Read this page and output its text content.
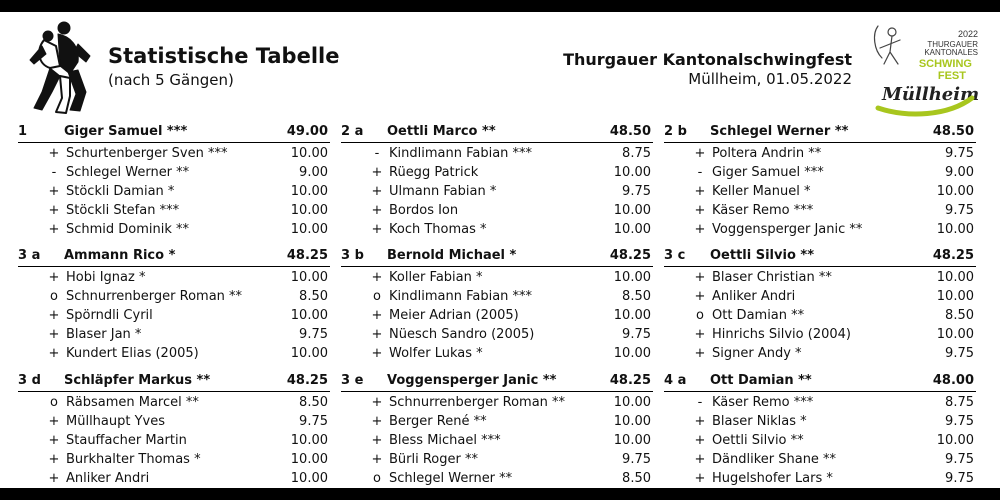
Statistische Tabelle
(nach 5 Gängen)
Thurgauer Kantonalschwingfest
Müllheim, 01.05.2022
2022
THURGAUER
KANTONALES
SCHWING
FEST
Müllheim
1	Giger Samuel ***	49.00
+ Schurtenberger Sven ***	10.00
- Schlegel Werner **	9.00
+ Stöckli Damian *	10.00
+ Stöckli Stefan ***	10.00
+ Schmid Dominik **	10.00
2 a Oettli Marco **	48.50
- Kindlimann Fabian ***	8.75
+ Rüegg Patrick	10.00
+ Ulmann Fabian *	9.75
+ Bordos Ion	10.00
+ Koch Thomas *	10.00
2 b Schlegel Werner **	48.50
+ Poltera Andrin **	9.75
- Giger Samuel ***	9.00
+ Keller Manuel *	10.00
+ Käser Remo ***	9.75
+ Voggensperger Janic **	10.00
3 a Ammann Rico *	48.25
+ Hobi Ignaz *	10.00
o Schnurrenberger Roman **	8.50
+ Spörndli Cyril	10.00
+ Blaser Jan *	9.75
+ Kundert Elias (2005)	10.00
3 b Bernold Michael *	48.25
+ Koller Fabian *	10.00
o Kindlimann Fabian ***	8.50
+ Meier Adrian (2005)	10.00
+ Nüesch Sandro (2005)	9.75
+ Wolfer Lukas *	10.00
3 c Oettli Silvio **	48.25
+ Blaser Christian **	10.00
+ Anliker Andri	10.00
o Ott Damian **	8.50
+ Hinrichs Silvio (2004)	10.00
+ Signer Andy *	9.75
3 d Schläpfer Markus **	48.25
o Räbsamen Marcel **	8.50
+ Müllhaupt Yves	9.75
+ Stauffacher Martin	10.00
+ Burkhalter Thomas *	10.00
+ Anliker Andri	10.00
3 e Voggensperger Janic **	48.25
+ Schnurrenberger Roman **	10.00
+ Berger René **	10.00
+ Bless Michael ***	10.00
+ Bürli Roger **	9.75
o Schlegel Werner **	8.50
4 a Ott Damian **	48.00
- Käser Remo ***	8.75
+ Blaser Niklas *	9.75
+ Oettli Silvio **	10.00
+ Dändliker Shane **	9.75
+ Hugelshofer Lars *	9.75
